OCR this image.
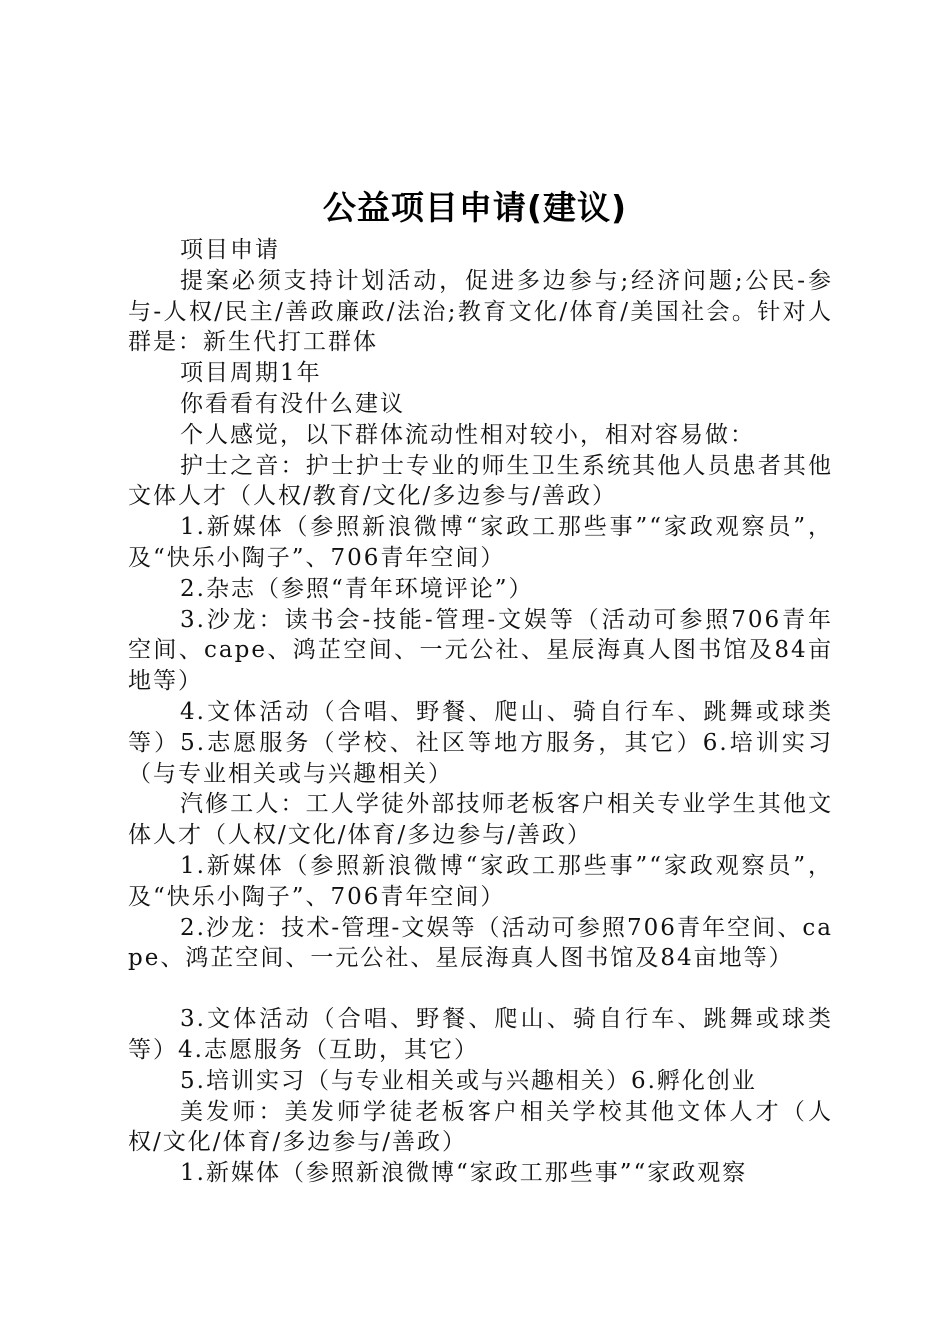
公益项目申请(建议)

项目申请

提案必须支持计划活动，促进多边参与;经济问题;公民-参与-人权/民主/善政廉政/法治;教育文化/体育/美国社会。针对人群是：新生代打工群体

项目周期1年

你看看有没什么建议

个人感觉，以下群体流动性相对较小，相对容易做：

护士之音：护士护士专业的师生卫生系统其他人员患者其他文体人才（人权/教育/文化/多边参与/善政）

1.新媒体（参照新浪微博“家政工那些事”“家政观察员”，及“快乐小陶子”、706青年空间）

2.杂志（参照“青年环境评论”）

3.沙龙：读书会-技能-管理-文娱等（活动可参照706青年空间、cape、鸿芷空间、一元公社、星辰海真人图书馆及84亩地等）

4.文体活动（合唱、野餐、爬山、骑自行车、跳舞或球类等）5.志愿服务（学校、社区等地方服务，其它）6.培训实习（与专业相关或与兴趣相关）

汽修工人：工人学徒外部技师老板客户相关专业学生其他文体人才（人权/文化/体育/多边参与/善政）

1.新媒体（参照新浪微博“家政工那些事”“家政观察员”，及“快乐小陶子”、706青年空间）

2.沙龙：技术-管理-文娱等（活动可参照706青年空间、cape、鸿芷空间、一元公社、星辰海真人图书馆及84亩地等）

3.文体活动（合唱、野餐、爬山、骑自行车、跳舞或球类等）4.志愿服务（互助，其它）

5.培训实习（与专业相关或与兴趣相关）6.孵化创业

美发师：美发师学徒老板客户相关学校其他文体人才（人权/文化/体育/多边参与/善政）

1.新媒体（参照新浪微博“家政工那些事”“家政观察
